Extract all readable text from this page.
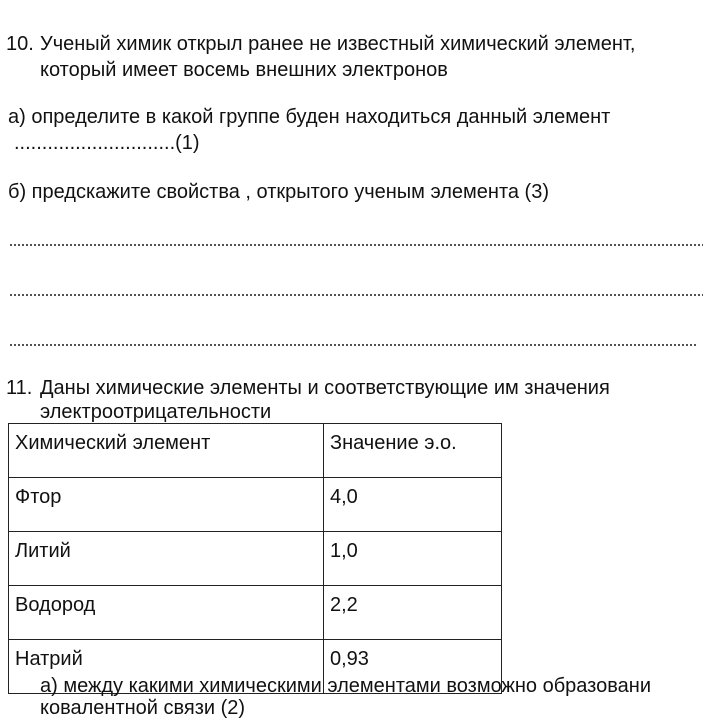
10. Ученый химик открыл ранее не известный химический элемент,
который имеет восемь внешних электронов
а) определите в какой группе буден находиться данный элемент
.............................(1)
б) предскажите свойства , открытого ученым элемента (3)
11. Даны химические элементы и соответствующие им значения
электроотрицательности
Химический элемент	Значение э.о.
Фтор	4,0
Литий	1,0
Водород	2,2
Натрий	0,93
а) между какими химическими элементами возможно образовани
ковалентной связи (2)
